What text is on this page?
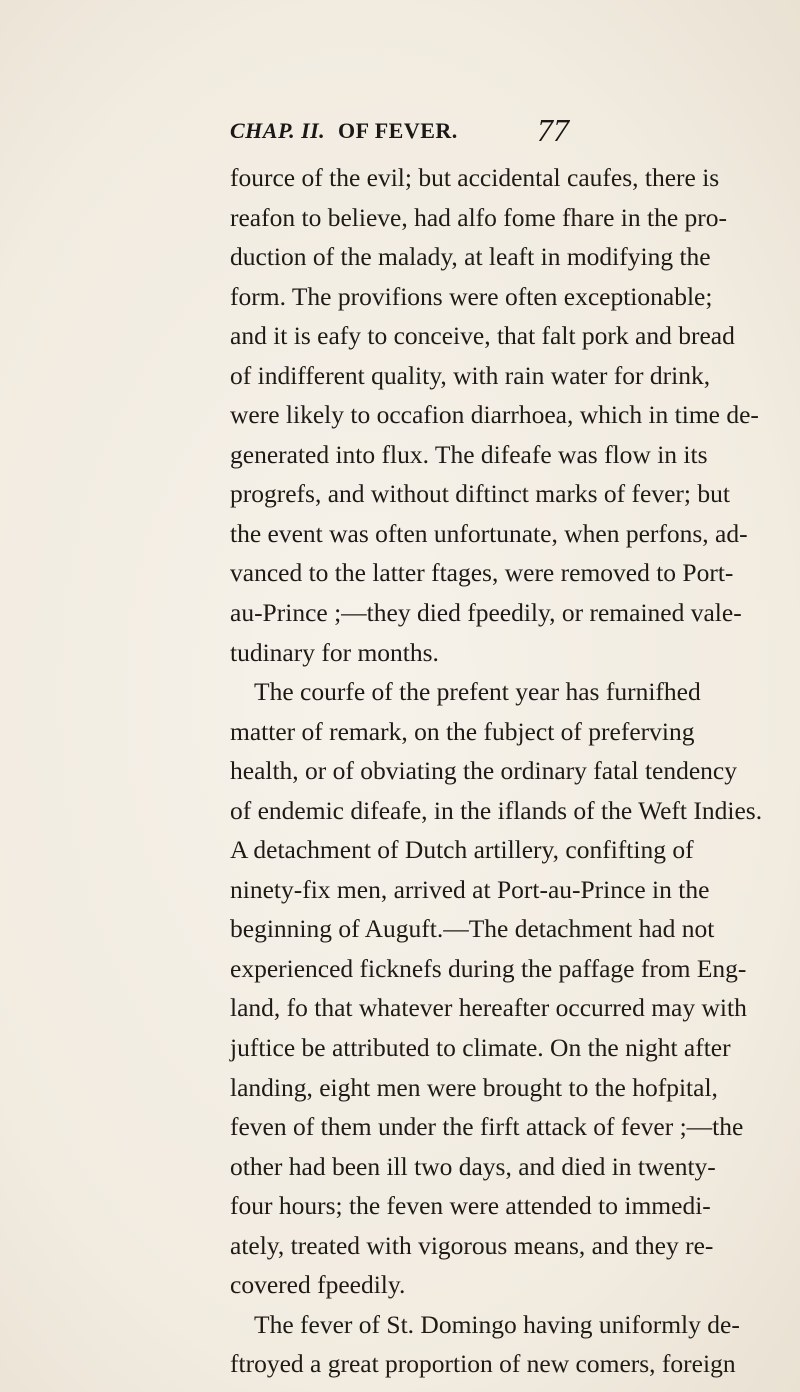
CHAP. II. OF FEVER. 77
fource of the evil; but accidental caufes, there is
reafon to believe, had alfo fome fhare in the pro-
duction of the malady, at leaft in modifying the
form. The provifions were often exceptionable;
and it is eafy to conceive, that falt pork and bread
of indifferent quality, with rain water for drink,
were likely to occafion diarrhoea, which in time de-
generated into flux. The difeafe was flow in its
progrefs, and without diftinct marks of fever; but
the event was often unfortunate, when perfons, ad-
vanced to the latter ftages, were removed to Port-
au-Prince ;—they died fpeedily, or remained vale-
tudinary for months.
The courfe of the prefent year has furnifhed
matter of remark, on the fubject of preferving
health, or of obviating the ordinary fatal tendency
of endemic difeafe, in the iflands of the Weft Indies.
A detachment of Dutch artillery, confifting of
ninety-fix men, arrived at Port-au-Prince in the
beginning of Auguft.—The detachment had not
experienced ficknefs during the paffage from Eng-
land, fo that whatever hereafter occurred may with
juftice be attributed to climate. On the night after
landing, eight men were brought to the hofpital,
feven of them under the firft attack of fever ;—the
other had been ill two days, and died in twenty-
four hours; the feven were attended to immedi-
ately, treated with vigorous means, and they re-
covered fpeedily.
The fever of St. Domingo having uniformly de-
ftroyed a great proportion of new comers, foreign
